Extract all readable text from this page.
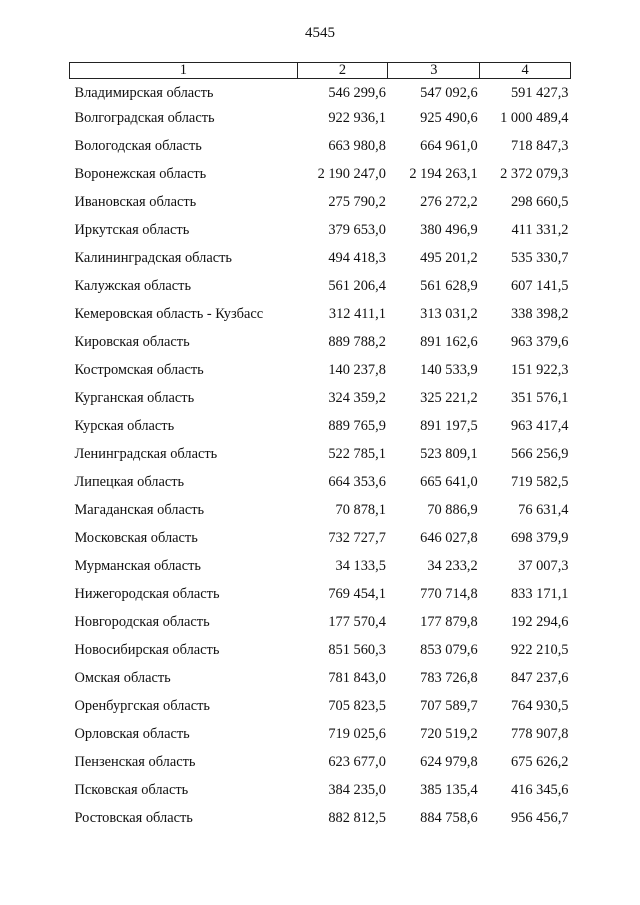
4545
1	2	3	4
Владимирская область	546 299,6	547 092,6	591 427,3
Волгоградская область	922 936,1	925 490,6	1 000 489,4
Вологодская область	663 980,8	664 961,0	718 847,3
Воронежская область	2 190 247,0	2 194 263,1	2 372 079,3
Ивановская область	275 790,2	276 272,2	298 660,5
Иркутская область	379 653,0	380 496,9	411 331,2
Калининградская область	494 418,3	495 201,2	535 330,7
Калужская область	561 206,4	561 628,9	607 141,5
Кемеровская область - Кузбасс	312 411,1	313 031,2	338 398,2
Кировская область	889 788,2	891 162,6	963 379,6
Костромская область	140 237,8	140 533,9	151 922,3
Курганская область	324 359,2	325 221,2	351 576,1
Курская область	889 765,9	891 197,5	963 417,4
Ленинградская область	522 785,1	523 809,1	566 256,9
Липецкая область	664 353,6	665 641,0	719 582,5
Магаданская область	70 878,1	70 886,9	76 631,4
Московская область	732 727,7	646 027,8	698 379,9
Мурманская область	34 133,5	34 233,2	37 007,3
Нижегородская область	769 454,1	770 714,8	833 171,1
Новгородская область	177 570,4	177 879,8	192 294,6
Новосибирская область	851 560,3	853 079,6	922 210,5
Омская область	781 843,0	783 726,8	847 237,6
Оренбургская область	705 823,5	707 589,7	764 930,5
Орловская область	719 025,6	720 519,2	778 907,8
Пензенская область	623 677,0	624 979,8	675 626,2
Псковская область	384 235,0	385 135,4	416 345,6
Ростовская область	882 812,5	884 758,6	956 456,7
